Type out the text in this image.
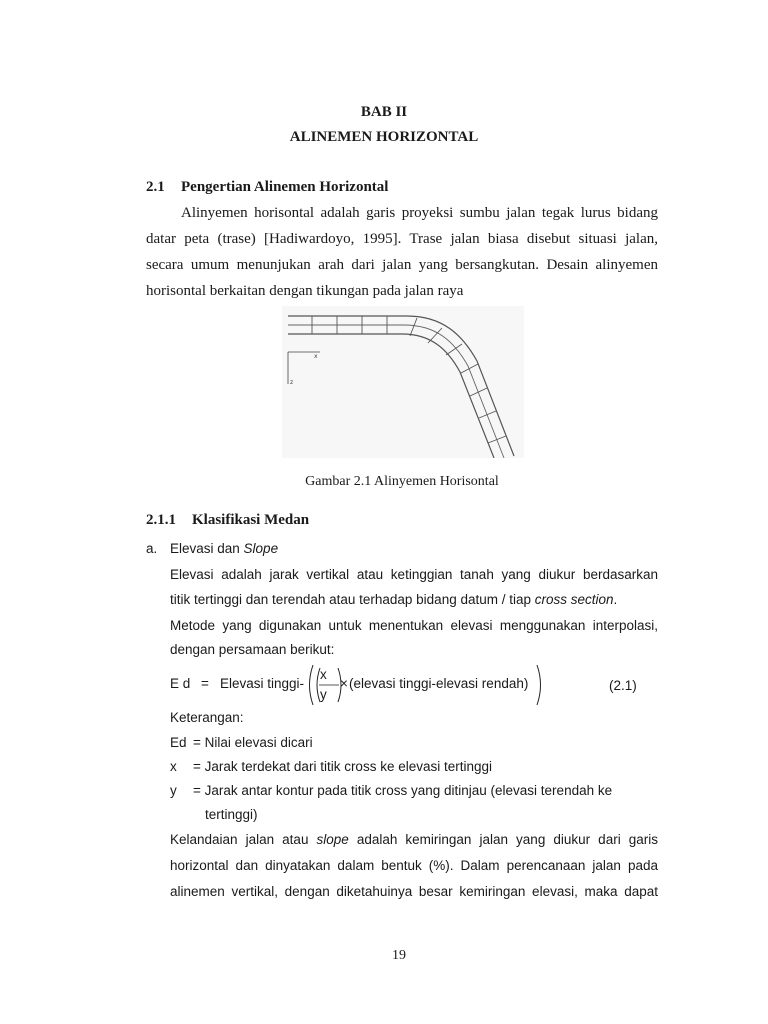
BAB II
ALINEMEN HORIZONTAL
2.1 Pengertian Alinemen Horizontal
Alinyemen horisontal adalah garis proyeksi sumbu jalan tegak lurus bidang
datar peta (trase) [Hadiwardoyo, 1995]. Trase jalan biasa disebut situasi jalan,
secara umum menunjukan arah dari jalan yang bersangkutan. Desain alinyemen
horisontal berkaitan dengan tikungan pada jalan raya
x
z
Gambar 2.1 Alinyemen Horisontal
2.1.1 Klasifikasi Medan
a. Elevasi dan Slope
Elevasi adalah jarak vertikal atau ketinggian tanah yang diukur berdasarkan
titik tertinggi dan terendah atau terhadap bidang datum / tiap cross section.
Metode yang digunakan untuk menentukan elevasi menggunakan interpolasi,
dengan persamaan berikut:
E d = Elevasi tinggi-
x
y
× (elevasi tinggi-elevasi rendah)	(2.1)
Keterangan:
Ed = Nilai elevasi dicari
x = Jarak terdekat dari titik cross ke elevasi tertinggi
y = Jarak antar kontur pada titik cross yang ditinjau (elevasi terendah ke
tertinggi)
Kelandaian jalan atau slope adalah kemiringan jalan yang diukur dari garis
horizontal dan dinyatakan dalam bentuk (%). Dalam perencanaan jalan pada
alinemen vertikal, dengan diketahuinya besar kemiringan elevasi, maka dapat
19
